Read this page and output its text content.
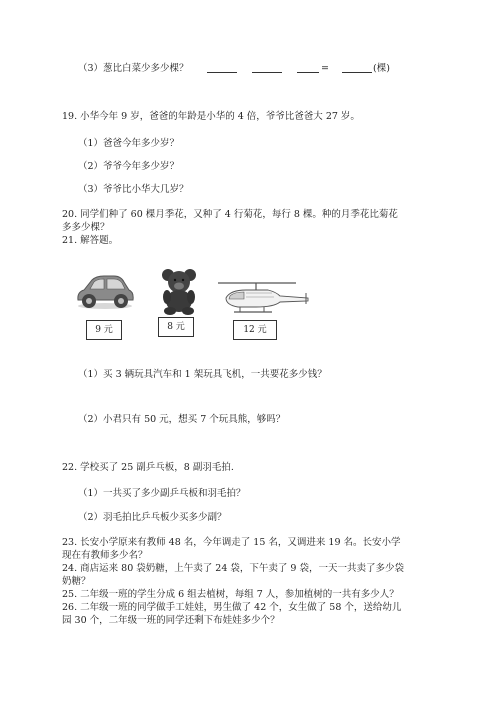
（3）葱比白菜少多少棵？	=	(棵)
19. 小华今年 9 岁，爸爸的年龄是小华的 4 倍，爷爷比爸爸大 27 岁。
（1）爸爸今年多少岁？
（2）爷爷今年多少岁？
（3）爷爷比小华大几岁？
20. 同学们种了 60 棵月季花，又种了 4 行菊花，每行 8 棵。种的月季花比菊花
多多少棵？
21. 解答题。
9 元	8 元	12 元
（1）买 3 辆玩具汽车和 1 架玩具飞机，一共要花多少钱？
（2）小君只有 50 元，想买 7 个玩具熊，够吗？
22. 学校买了 25 副乒乓板，8 副羽毛拍.
（1）一共买了多少副乒乓板和羽毛拍？
（2）羽毛拍比乒乓板少买多少副？
23. 长安小学原来有教师 48 名，今年调走了 15 名，又调进来 19 名。长安小学
现在有教师多少名？
24. 商店运来 80 袋奶糖，上午卖了 24 袋，下午卖了 9 袋，一天一共卖了多少袋
奶糖？
25. 二年级一班的学生分成 6 组去植树，每组 7 人，参加植树的一共有多少人？
26. 二年级一班的同学做手工娃娃，男生做了 42 个，女生做了 58 个，送给幼儿
园 30 个，二年级一班的同学还剩下布娃娃多少个？
